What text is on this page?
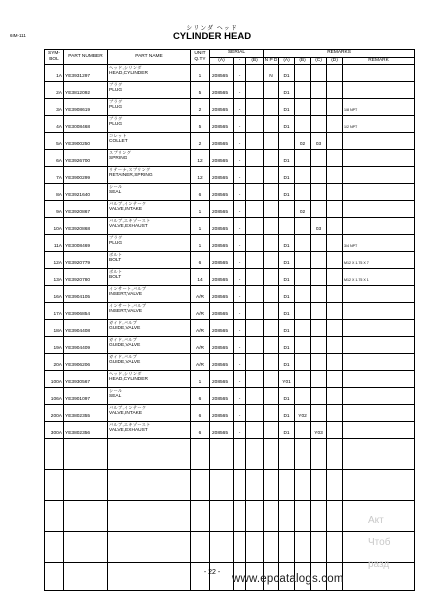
6IM-111
シリンダ ヘッド
CYLINDER HEAD
SYM-
BOL	PART NUMBER	PART NAME	UNIT
Q.TY	SERIAL			REMARKS					
				(A)	-	(B)	N P D	(A)	(B)	(C)	(D)	REMARK
1A	YE3931297	ヘッド,シリンダ
HEAD,CYLINDER	1	208565	-		N	D1				
2A	YE3812092	プラグ
PLUG	5	208565	-			D1				
3A	YE3908619	プラグ
PLUG	2	208565	-			D1				1/8 NPT
4A	YE3008468	プラグ
PLUG	5	208565	-			D1				1/2 NPT
5A	YE3900250	コレット
COLLET	2	208565	-				02	03		
6A	YE3926700	スプリング
SPRING	12	208565	-			D1				
7A	YE3900299	リテーナ,スプリング
RETAINER,SPRING	12	208565	-			D1				
8A	YE3921640	シール
SEAL	6	208565	-			D1				
9A	YE3920867	バルブ,インテーク
VALVE,INTAKE	1	208565	-				02			
10A	YE3920868	バルブ,エキゾースト
VALVE,EXHAUST	1	208565	-					03		
11A	YE3008469	プラグ
PLUG	1	208565	-			D1				3/4 NPT
12A	YE3920779	ボルト
BOLT	6	208565	-			D1				M12 X 1.75 X 7
13A	YE3920780	ボルト
BOLT	14	208565	-			D1				M12 X 1.75 X 1
16A	YE3904105	インサート,バルブ
INSERT,VALVE	A/R	208565	-			D1				
17A	YE3906854	インサート,バルブ
INSERT,VALVE	A/R	208565	-			D1				
18A	YE3904408	ガイド,バルブ
GUIDE,VALVE	A/R	208565	-			D1				
19A	YE3904409	ガイド,バルブ
GUIDE,VALVE	A/R	208565	-			D1				
20A	YE3906206	ガイド,バルブ
GUIDE,VALVE	A/R	208565	-			D1				
100A	YE3930567	ヘッド,シリンダ
HEAD,CYLINDER	1	208565	-			Y01				
106A	YE3901097	シール
SEAL	6	208565	-			D1				
200A	YE3802355	バルブ,インテーク
VALVE,INTAKE	6	208565	-			D1	Y02			
300A	YE3802356	バルブ,エキゾースト
VALVE,EXHAUST	6	208565	-			D1		Y03		

Акт
Чтоб
разд
- 22 -
www.epcatalogs.com
